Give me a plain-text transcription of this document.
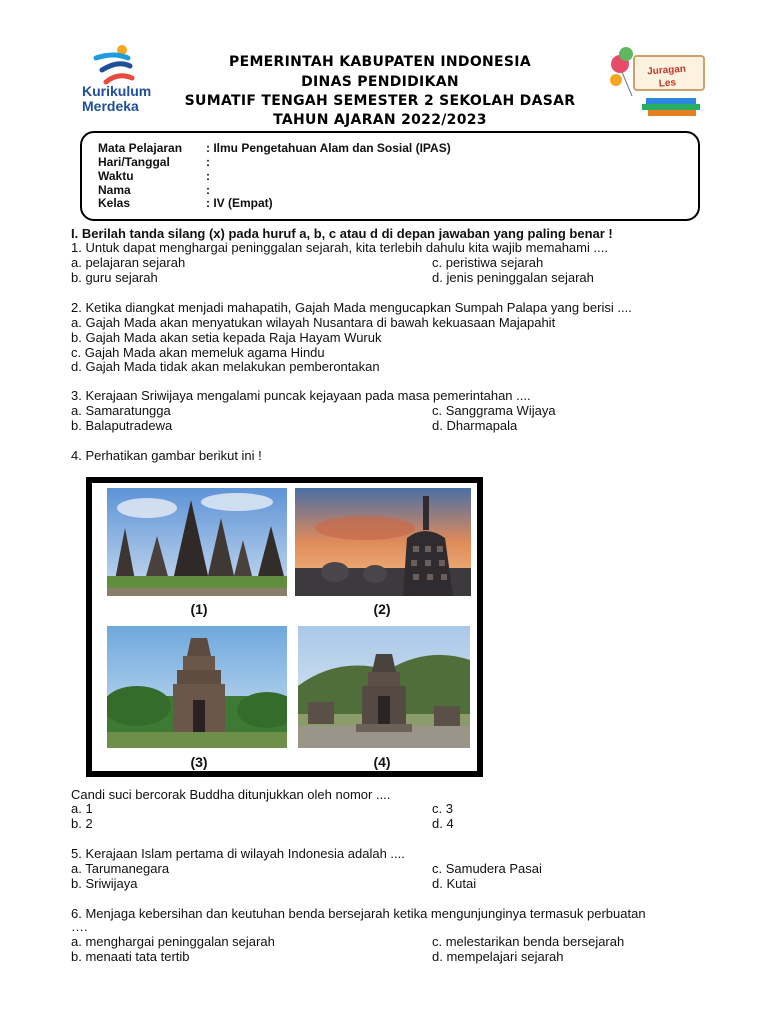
Kurikulum
Merdeka
PEMERINTAH KABUPATEN INDONESIA
DINAS PENDIDIKAN
SUMATIF TENGAH SEMESTER 2 SEKOLAH DASAR
TAHUN AJARAN 2022/2023
Juragan
Les
Mata Pelajaran : Ilmu Pengetahuan Alam dan Sosial (IPAS)
Hari/Tanggal	:
Waktu	:
Nama	:
Kelas	: IV (Empat)
I. Berilah tanda silang (x) pada huruf a, b, c atau d di depan jawaban yang paling benar !
1. Untuk dapat menghargai peninggalan sejarah, kita terlebih dahulu kita wajib memahami ....
a. pelajaran sejarah	c. peristiwa sejarah
b. guru sejarah	d. jenis peninggalan sejarah
2. Ketika diangkat menjadi mahapatih, Gajah Mada mengucapkan Sumpah Palapa yang berisi ....
a. Gajah Mada akan menyatukan wilayah Nusantara di bawah kekuasaan Majapahit
b. Gajah Mada akan setia kepada Raja Hayam Wuruk
c. Gajah Mada akan memeluk agama Hindu
d. Gajah Mada tidak akan melakukan pemberontakan
3. Kerajaan Sriwijaya mengalami puncak kejayaan pada masa pemerintahan ....
a. Samaratungga	c. Sanggrama Wijaya
b. Balaputradewa	d. Dharmapala
4. Perhatikan gambar berikut ini !
(1)	(2)
(3)	(4)
Candi suci bercorak Buddha ditunjukkan oleh nomor ....
a. 1	c. 3
b. 2	d. 4
5. Kerajaan Islam pertama di wilayah Indonesia adalah ....
a. Tarumanegara	c. Samudera Pasai
b. Sriwijaya	d. Kutai
6. Menjaga kebersihan dan keutuhan benda bersejarah ketika mengunjunginya termasuk perbuatan
….
a. menghargai peninggalan sejarah	c. melestarikan benda bersejarah
b. menaati tata tertib	d. mempelajari sejarah
